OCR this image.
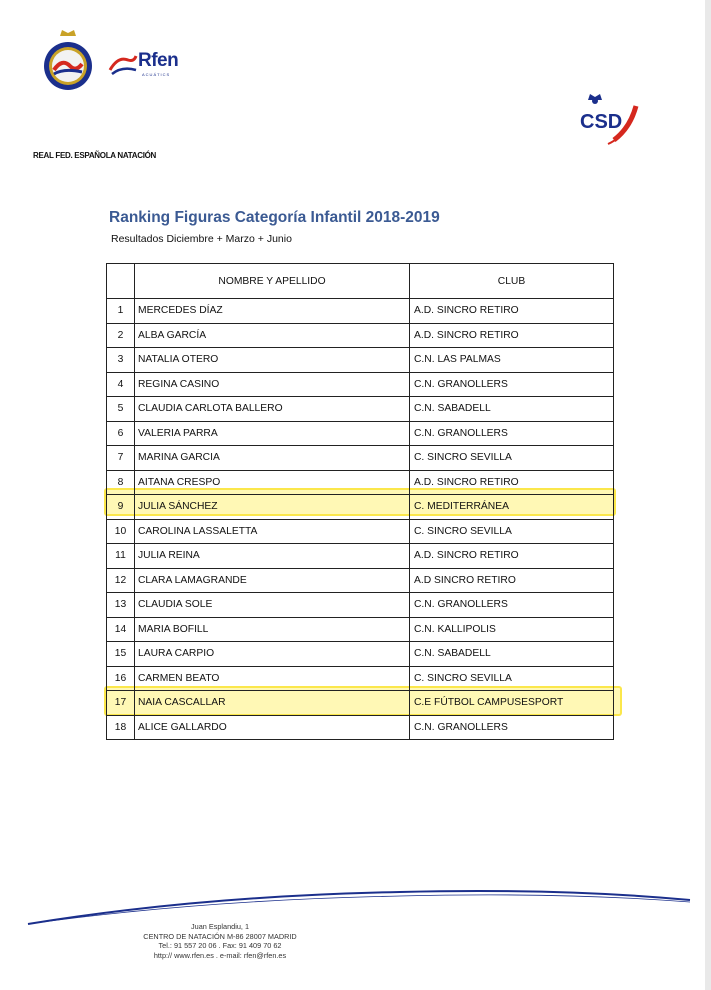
Rfen
ACUÁTICS
CSD
REAL FED. ESPAÑOLA NATACIÓN
Ranking Figuras Categoría Infantil 2018-2019
Resultados Diciembre + Marzo + Junio
	NOMBRE Y APELLIDO	CLUB
1	MERCEDES DÍAZ	A.D. SINCRO RETIRO
2	ALBA GARCÍA	A.D. SINCRO RETIRO
3	NATALIA OTERO	C.N. LAS PALMAS
4	REGINA CASINO	C.N. GRANOLLERS
5	CLAUDIA CARLOTA BALLERO	C.N. SABADELL
6	VALERIA PARRA	C.N. GRANOLLERS
7	MARINA GARCIA	C. SINCRO SEVILLA
8	AITANA CRESPO	A.D. SINCRO RETIRO
9	JULIA SÁNCHEZ	C. MEDITERRÁNEA
10	CAROLINA LASSALETTA	C. SINCRO SEVILLA
11	JULIA REINA	A.D. SINCRO RETIRO
12	CLARA LAMAGRANDE	A.D SINCRO RETIRO
13	CLAUDIA SOLE	C.N. GRANOLLERS
14	MARIA BOFILL	C.N. KALLIPOLIS
15	LAURA CARPIO	C.N. SABADELL
16	CARMEN BEATO	C. SINCRO SEVILLA
17	NAIA CASCALLAR	C.E FÚTBOL CAMPUSESPORT
18	ALICE GALLARDO	C.N. GRANOLLERS
Juan Esplandiu, 1
CENTRO DE NATACIÓN M-86 28007 MADRID
Tel.: 91 557 20 06 . Fax: 91 409 70 62
http:// www.rfen.es . e-mail: rfen@rfen.es
